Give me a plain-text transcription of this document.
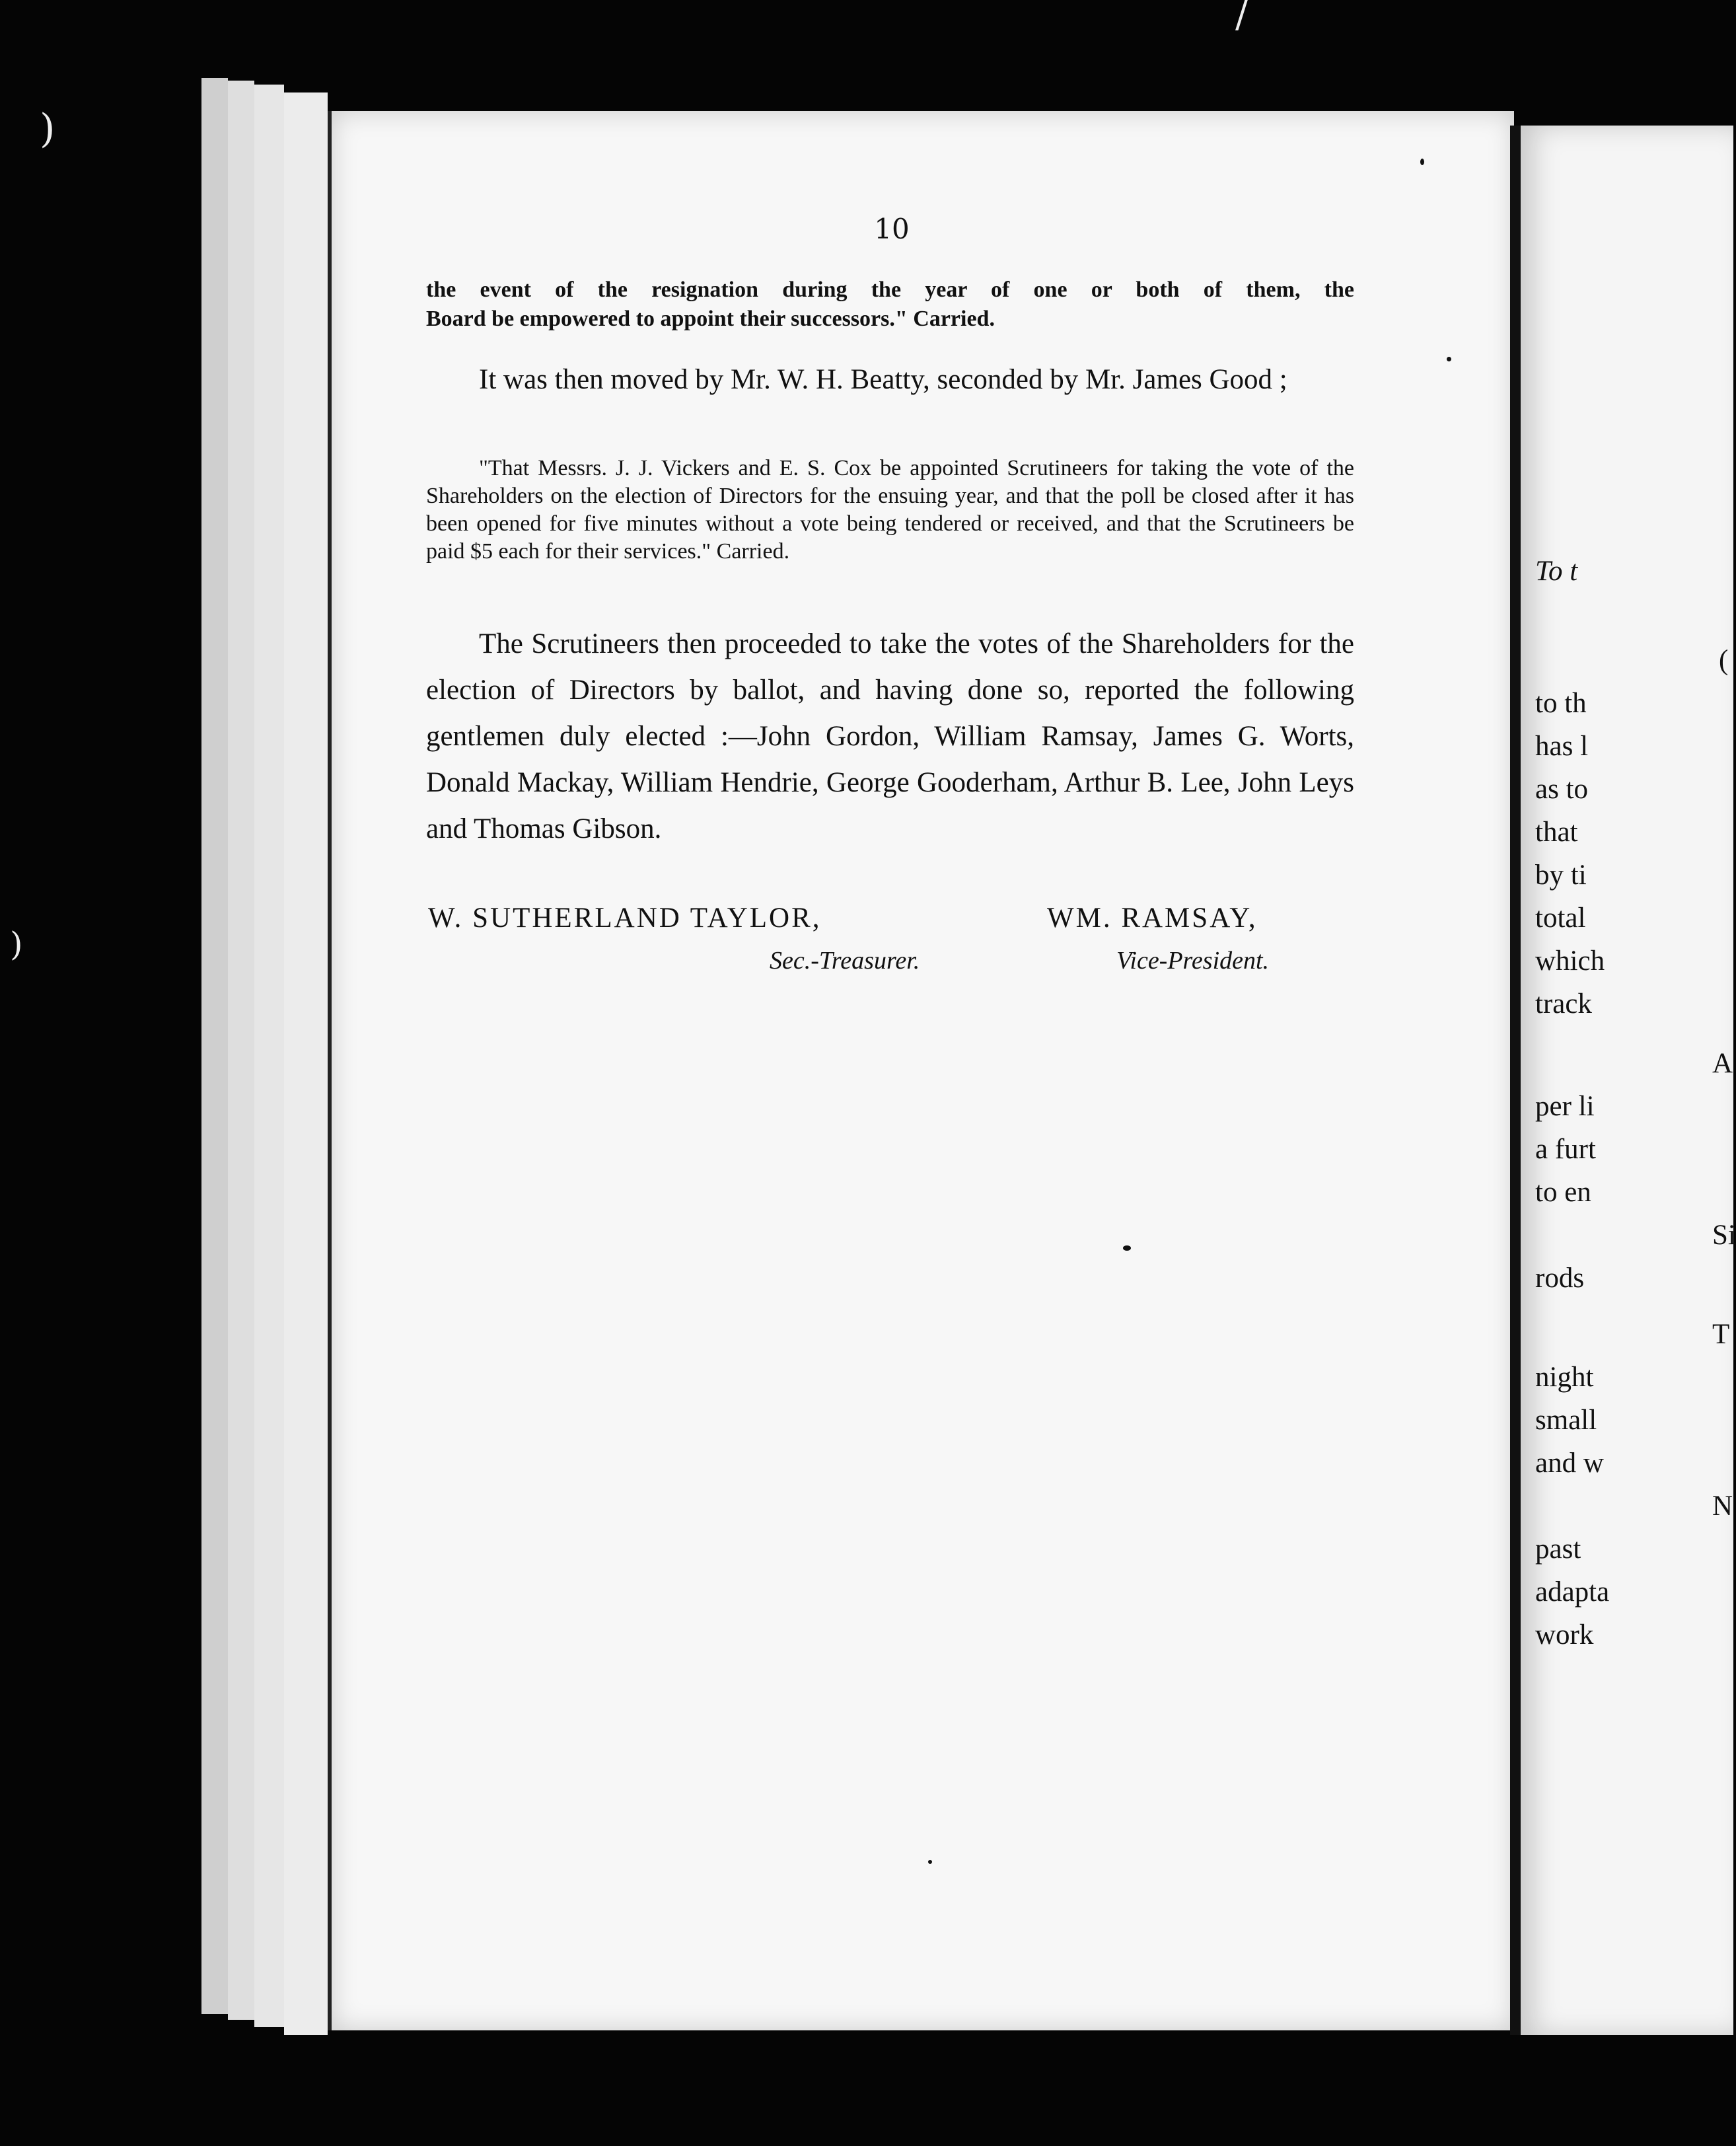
To t
(
to th
has l
as to
that
by ti
total
which
track
A
per li
a furt
to en
Si
rods
T
night
small
and w
N
past
adapta
work
10
the event of the resignation during the year of one or both of them, the
Board be empowered to appoint their successors." Carried.
It was then moved by Mr. W. H. Beatty, seconded by Mr. James Good ;
"That Messrs. J. J. Vickers and E. S. Cox be appointed Scrutineers for taking the vote of the Shareholders on the election of Directors for the ensuing year, and that the poll be closed after it has been opened for five minutes without a vote being tendered or received, and that the Scrutineers be paid $5 each for their services." Carried.
The Scrutineers then proceeded to take the votes of the Shareholders for the election of Directors by ballot, and having done so, reported the following gentlemen duly elected :—John Gordon, William Ramsay, James G. Worts, Donald Mackay, William Hendrie, George Gooderham, Arthur B. Lee, John Leys and Thomas Gibson.
W. SUTHERLAND TAYLOR,
Sec.-Treasurer.
WM. RAMSAY,
Vice-President.
)
)
/
